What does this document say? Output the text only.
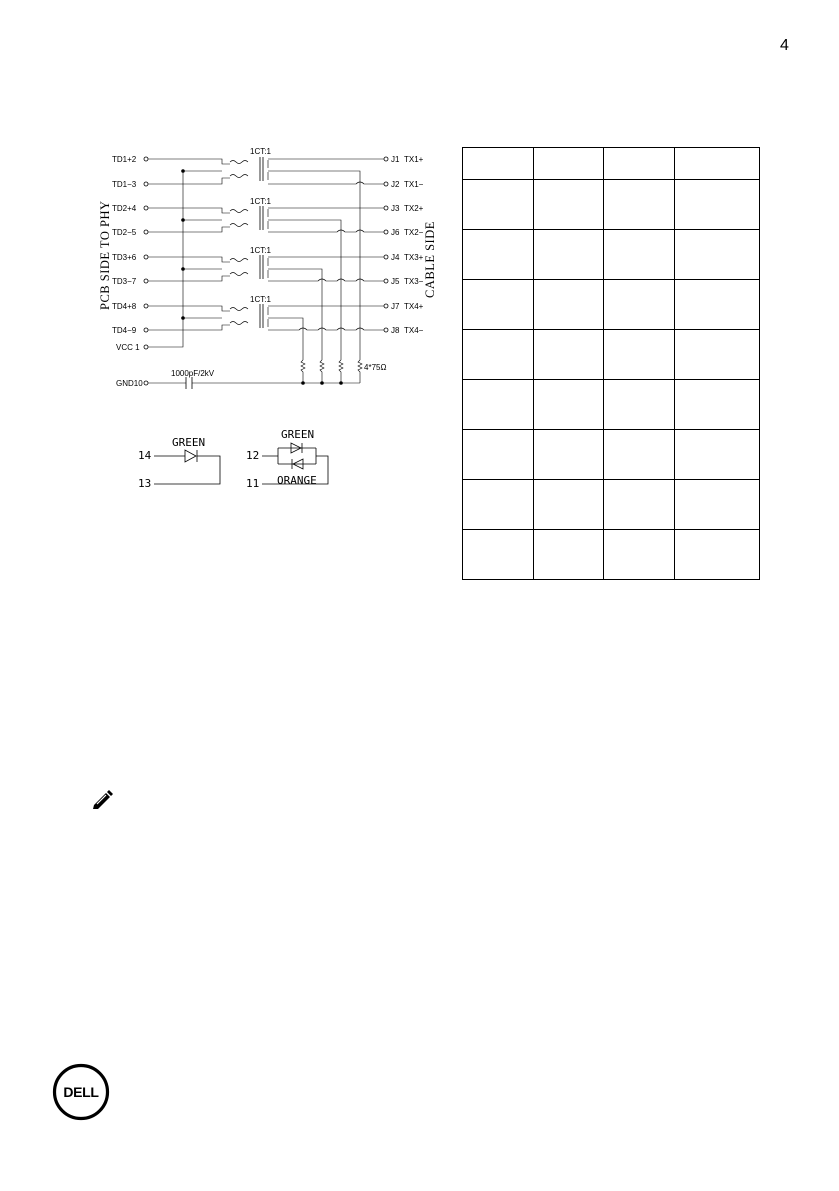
4
PCB SIDE TO PHY	CABLE SIDE
TD1+2
TD1−3
TD2+4
TD2−5
TD3+6
TD3−7
TD4+8
TD4−9
VCC 1
GND10
J1
J2
J3
J6
J4
J5
J7
J8
TX1+
TX1−
TX2+
TX2−
TX3+
TX3−
TX4+
TX4−
1CT:1
1CT:1
1CT:1
1CT:1
1000pF/2kV
4*75Ω
GREEN
14
13
GREEN
ORANGE
12
11

DELL
